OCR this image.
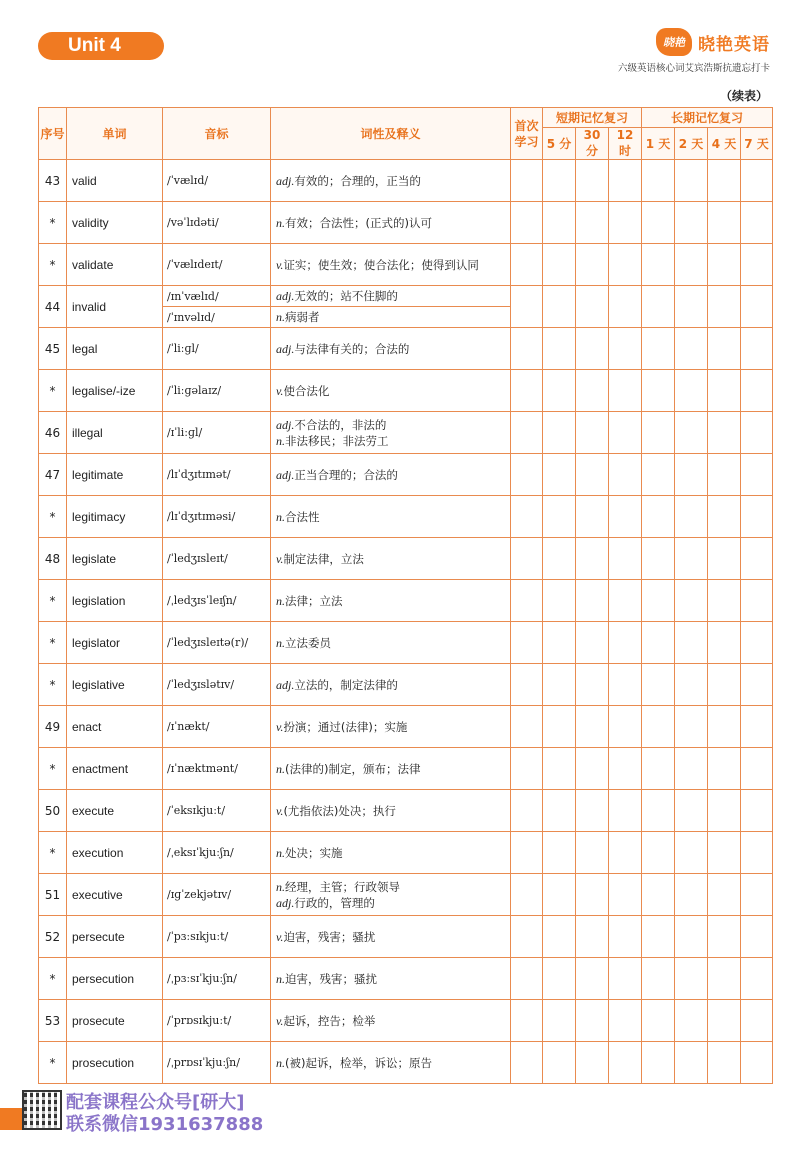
Unit 4	晓艳 晓艳英语
六级英语核心词艾宾浩斯抗遗忘打卡
（续表）
序号	单词	音标	词性及释义	首次学习	短期记忆复习			长期记忆复习			
					5 分	30 分	12 时	1 天	2 天	4 天	7 天
43	valid	/ˈvælɪd/	adj.有效的；合理的，正当的								

*	validity	/vəˈlɪdəti/	n.有效；合法性；(正式的)认可								

*	validate	/ˈvælɪdeɪt/	v.证实；使生效；使合法化；使得到认同								

44	invalid	/ɪnˈvælɪd/	adj.无效的；站不住脚的								

		/ˈɪnvəlɪd/	n.病弱者								

45	legal	/ˈliːɡl/	adj.与法律有关的；合法的								

*	legalise/-ize	/ˈliːɡəlaɪz/	v.使合法化								

46	illegal	/ɪˈliːɡl/	adj.不合法的，非法的
n.非法移民；非法劳工								

47	legitimate	/lɪˈdʒɪtɪmət/	adj.正当合理的；合法的								

*	legitimacy	/lɪˈdʒɪtɪməsi/	n.合法性								

48	legislate	/ˈledʒɪsleɪt/	v.制定法律，立法								

*	legislation	/ˌledʒɪsˈleɪʃn/	n.法律；立法								

*	legislator	/ˈledʒɪsleɪtə(r)/	n.立法委员								

*	legislative	/ˈledʒɪslətɪv/	adj.立法的，制定法律的								

49	enact	/ɪˈnækt/	v.扮演；通过(法律)；实施								

*	enactment	/ɪˈnæktmənt/	n.(法律的)制定，颁布；法律								

50	execute	/ˈeksɪkjuːt/	v.(尤指依法)处决；执行								

*	execution	/ˌeksɪˈkjuːʃn/	n.处决；实施								

51	executive	/ɪɡˈzekjətɪv/	n.经理，主管；行政领导
adj.行政的，管理的								

52	persecute	/ˈpɜːsɪkjuːt/	v.迫害，残害；骚扰								

*	persecution	/ˌpɜːsɪˈkjuːʃn/	n.迫害，残害；骚扰								

53	prosecute	/ˈprɒsɪkjuːt/	v.起诉，控告；检举								

*	prosecution	/ˌprɒsɪˈkjuːʃn/	n.(被)起诉，检举，诉讼；原告								

配套课程公众号[研大]
联系微信1931637888
